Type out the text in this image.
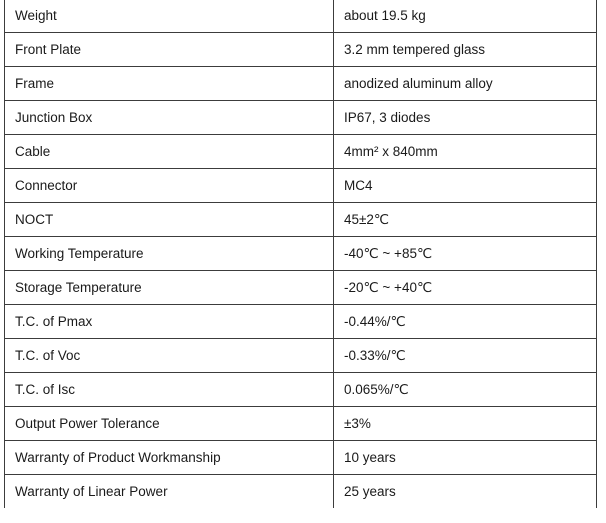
Weight	about 19.5 kg
Front Plate	3.2 mm tempered glass
Frame	anodized aluminum alloy
Junction Box	IP67, 3 diodes
Cable	4mm² x 840mm
Connector	MC4
NOCT	45±2℃
Working Temperature	-40℃ ~ +85℃
Storage Temperature	-20℃ ~ +40℃
T.C. of Pmax	-0.44%/℃
T.C. of Voc	-0.33%/℃
T.C. of Isc	0.065%/℃
Output Power Tolerance	±3%
Warranty of Product Workmanship	10 years
Warranty of Linear Power	25 years
